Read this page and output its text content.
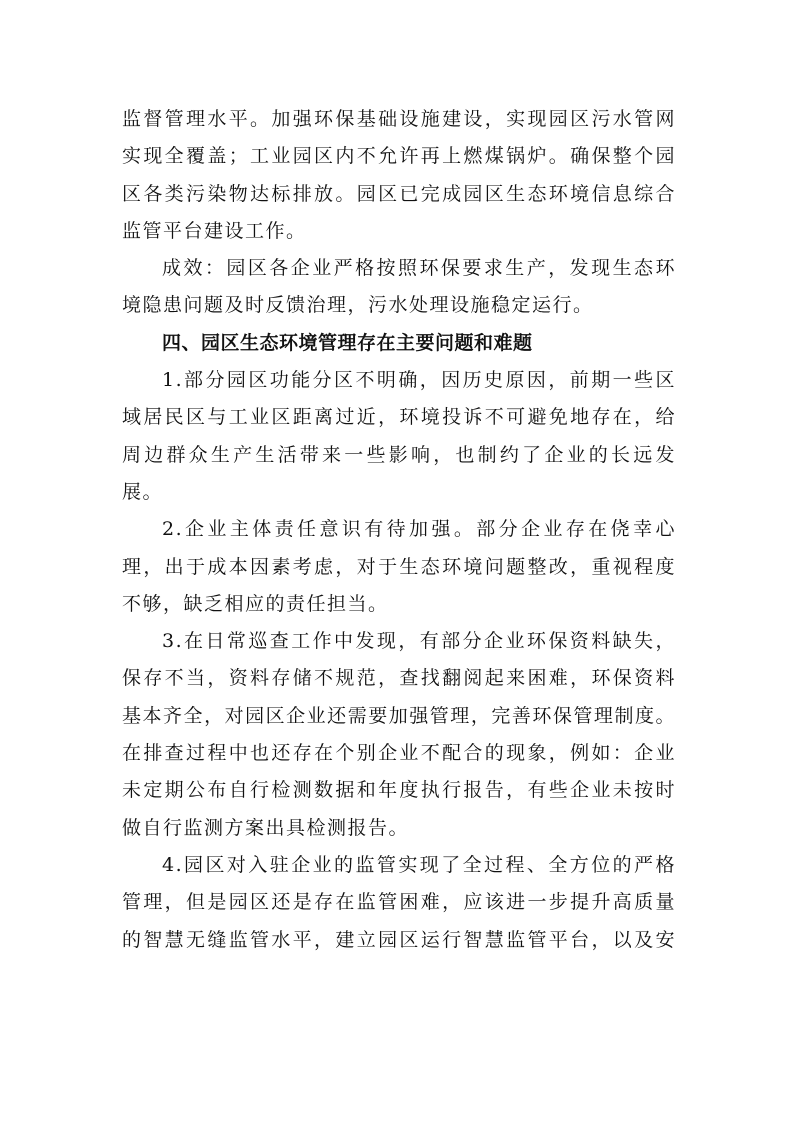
监督管理水平。加强环保基础设施建设，实现园区污水管网
实现全覆盖；工业园区内不允许再上燃煤锅炉。确保整个园
区各类污染物达标排放。园区已完成园区生态环境信息综合
监管平台建设工作。
成效：园区各企业严格按照环保要求生产，发现生态环
境隐患问题及时反馈治理，污水处理设施稳定运行。
四、园区生态环境管理存在主要问题和难题
1.部分园区功能分区不明确，因历史原因，前期一些区
域居民区与工业区距离过近，环境投诉不可避免地存在，给
周边群众生产生活带来一些影响，也制约了企业的长远发
展。
2.企业主体责任意识有待加强。部分企业存在侥幸心
理，出于成本因素考虑，对于生态环境问题整改，重视程度
不够，缺乏相应的责任担当。
3.在日常巡查工作中发现，有部分企业环保资料缺失，
保存不当，资料存储不规范，查找翻阅起来困难，环保资料
基本齐全，对园区企业还需要加强管理，完善环保管理制度。
在排查过程中也还存在个别企业不配合的现象，例如：企业
未定期公布自行检测数据和年度执行报告，有些企业未按时
做自行监测方案出具检测报告。
4.园区对入驻企业的监管实现了全过程、全方位的严格
管理，但是园区还是存在监管困难，应该进一步提升高质量
的智慧无缝监管水平，建立园区运行智慧监管平台，以及安
